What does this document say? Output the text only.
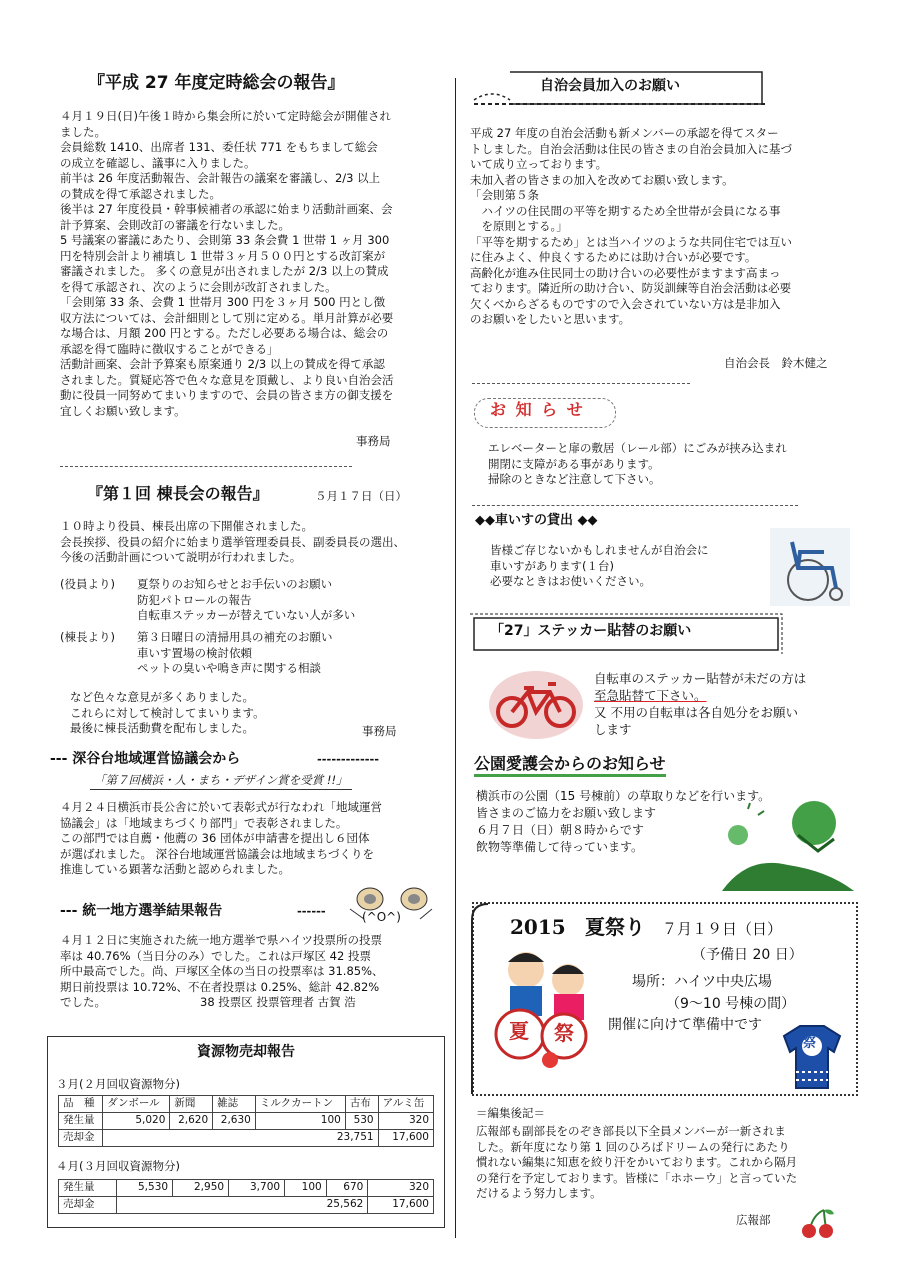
『平成 27 年度定時総会の報告』
４月１９日(日)午後１時から集会所に於いて定時総会が開催され
ました。
会員総数 1410、出席者 131、委任状 771 をもちまして総会
の成立を確認し、議事に入りました。
前半は 26 年度活動報告、会計報告の議案を審議し、2/3 以上
の賛成を得て承認されました。
後半は 27 年度役員・幹事候補者の承認に始まり活動計画案、会
計予算案、会則改訂の審議を行ないました。
5 号議案の審議にあたり、会則第 33 条会費 1 世帯 1 ヶ月 300
円を特別会計より補填し 1 世帯３ヶ月５００円とする改訂案が
審議されました。 多くの意見が出されましたが 2/3 以上の賛成
を得て承認され、次のように会則が改訂されました。
「会則第 33 条、会費 1 世帯月 300 円を３ヶ月 500 円とし徴
収方法については、会計細則として別に定める。単月計算が必要
な場合は、月額 200 円とする。ただし必要ある場合は、総会の
承認を得て臨時に徴収することができる」
活動計画案、会計予算案も原案通り 2/3 以上の賛成を得て承認
されました。質疑応答で色々な意見を頂戴し、より良い自治会活
動に役員一同努めてまいりますので、会員の皆さま方の御支援を
宜しくお願い致します。
事務局
『第１回 棟長会の報告』	５月１７日（日）
１０時より役員、棟長出席の下開催されました。
会長挨拶、役員の紹介に始まり選挙管理委員長、副委員長の選出、
今後の活動計画について説明が行われました。
(役員より) 夏祭りのお知らせとお手伝いのお願い
防犯パトロールの報告
自転車ステッカーが替えていない人が多い
(棟長より) 第３日曜日の清掃用具の補充のお願い
車いす置場の検討依頼
ペットの臭いや鳴き声に関する相談
など色々な意見が多くありました。
これらに対して検討してまいります。
最後に棟長活動費を配布しました。	事務局
--- 深谷台地域運営協議会から	-------------
「第７回横浜・人・まち・デザイン賞を受賞 !!」
４月２４日横浜市長公舎に於いて表彰式が行なわれ「地域運営
協議会」は「地域まちづくり部門」で表彰されました。
この部門では自薦・他薦の 36 団体が申請書を提出し６団体
が選ばれました。 深谷台地域運営協議会は地域まちづくりを
推進している顕著な活動と認められました。
--- 統一地方選挙結果報告	------	(^O^)
４月１２日に実施された統一地方選挙で県ハイツ投票所の投票
率は 40.76%（当日分のみ）でした。これは戸塚区 42 投票
所中最高でした。尚、戸塚区全体の当日の投票率は 31.85%、
期日前投票は 10.72%、不在者投票は 0.25%、総計 42.82%
でした。	38 投票区 投票管理者 古賀 浩
資源物売却報告
３月(２月回収資源物分)
品　種	ダンボール	新聞	雑誌	ミルクカートン	古布	アルミ缶
発生量	5,020	2,620	2,630	100	530	320
売却金	23,751					17,600
４月(３月回収資源物分)
発生量	5,530	2,950	3,700	100	670	320
売却金	25,562					17,600
自治会員加入のお願い
平成 27 年度の自治会活動も新メンバーの承認を得てスター
トしました。自治会活動は住民の皆さまの自治会員加入に基づ
いて成り立っております。
未加入者の皆さまの加入を改めてお願い致します。
「会則第５条
　ハイツの住民間の平等を期するため全世帯が会員になる事
　を原則とする。」
「平等を期するため」とは当ハイツのような共同住宅では互い
に住みよく、仲良くするためには助け合いが必要です。
高齢化が進み住民同士の助け合いの必要性がますます高まっ
ております。隣近所の助け合い、防災訓練等自治会活動は必要
欠くべからざるものですので入会されていない方は是非加入
のお願いをしたいと思います。
自治会長　鈴木健之
お 知 ら せ
エレベーターと扉の敷居（レール部）にごみが挟み込まれ
開閉に支障がある事があります。
掃除のときなど注意して下さい。
◆◆車いすの貸出 ◆◆
皆様ご存じないかもしれませんが自治会に
車いすがあります(１台)
必要なときはお使いください。
「27」ステッカー貼替のお願い
自転車のステッカー貼替が未だの方は
至急貼替て下さい。
又 不用の自転車は各自処分をお願い
します
公園愛護会からのお知らせ
横浜市の公園（15 号棟前）の草取りなどを行います。
皆さまのご協力をお願い致します
６月７日（日）朝８時からです
飲物等準備して待っています。
2015 夏祭り ７月１９日（日）
（予備日 20 日）
場所：ハイツ中央広場
（9～10 号棟の間）
開催に向けて準備中です
夏 祭	祭
＝編集後記＝
広報部も副部長をのぞき部長以下全員メンバーが一新されま
した。新年度になり第 1 回のひろばドリームの発行にあたり
慣れない編集に知恵を絞り汗をかいております。これから隔月
の発行を予定しております。皆様に「ホホーウ」と言っていた
だけるよう努力します。
広報部
